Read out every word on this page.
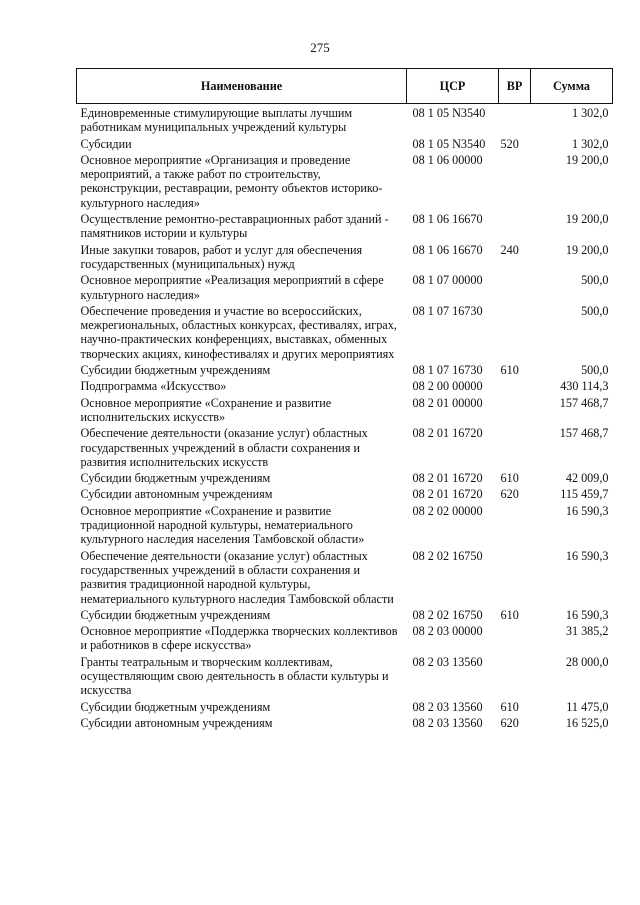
275
Наименование	ЦСР	ВР	Сумма
Единовременные стимулирующие выплаты лучшим работникам муниципальных учреждений культуры	08 1 05 N3540		1 302,0
Субсидии	08 1 05 N3540	520	1 302,0
Основное мероприятие «Организация и проведение мероприятий, а также работ по строительству, реконструкции, реставрации, ремонту объектов историко-культурного наследия»	08 1 06 00000		19 200,0
Осуществление ремонтно-реставрационных работ зданий - памятников истории и культуры	08 1 06 16670		19 200,0
Иные закупки товаров, работ и услуг для обеспечения государственных (муниципальных) нужд	08 1 06 16670	240	19 200,0
Основное мероприятие «Реализация мероприятий в сфере культурного наследия»	08 1 07 00000		500,0
Обеспечение проведения и участие во всероссийских, межрегиональных, областных конкурсах, фестивалях, играх, научно-практических конференциях, выставках, обменных творческих акциях, кинофестивалях и других мероприятиях	08 1 07 16730		500,0
Субсидии бюджетным учреждениям	08 1 07 16730	610	500,0
Подпрограмма «Искусство»	08 2 00 00000		430 114,3
Основное мероприятие «Сохранение и развитие исполнительских искусств»	08 2 01 00000		157 468,7
Обеспечение деятельности (оказание услуг) областных государственных учреждений в области сохранения и развития исполнительских искусств	08 2 01 16720		157 468,7
Субсидии бюджетным учреждениям	08 2 01 16720	610	42 009,0
Субсидии автономным учреждениям	08 2 01 16720	620	115 459,7
Основное мероприятие «Сохранение и развитие традиционной народной культуры, нематериального культурного наследия населения Тамбовской области»	08 2 02 00000		16 590,3
Обеспечение деятельности (оказание услуг) областных государственных учреждений в области сохранения и развития традиционной народной культуры, нематериального культурного наследия Тамбовской области	08 2 02 16750		16 590,3
Субсидии бюджетным учреждениям	08 2 02 16750	610	16 590,3
Основное мероприятие «Поддержка творческих коллективов и работников в сфере искусства»	08 2 03 00000		31 385,2
Гранты театральным и творческим коллективам, осуществляющим свою деятельность в области культуры и искусства	08 2 03 13560		28 000,0
Субсидии бюджетным учреждениям	08 2 03 13560	610	11 475,0
Субсидии автономным учреждениям	08 2 03 13560	620	16 525,0
